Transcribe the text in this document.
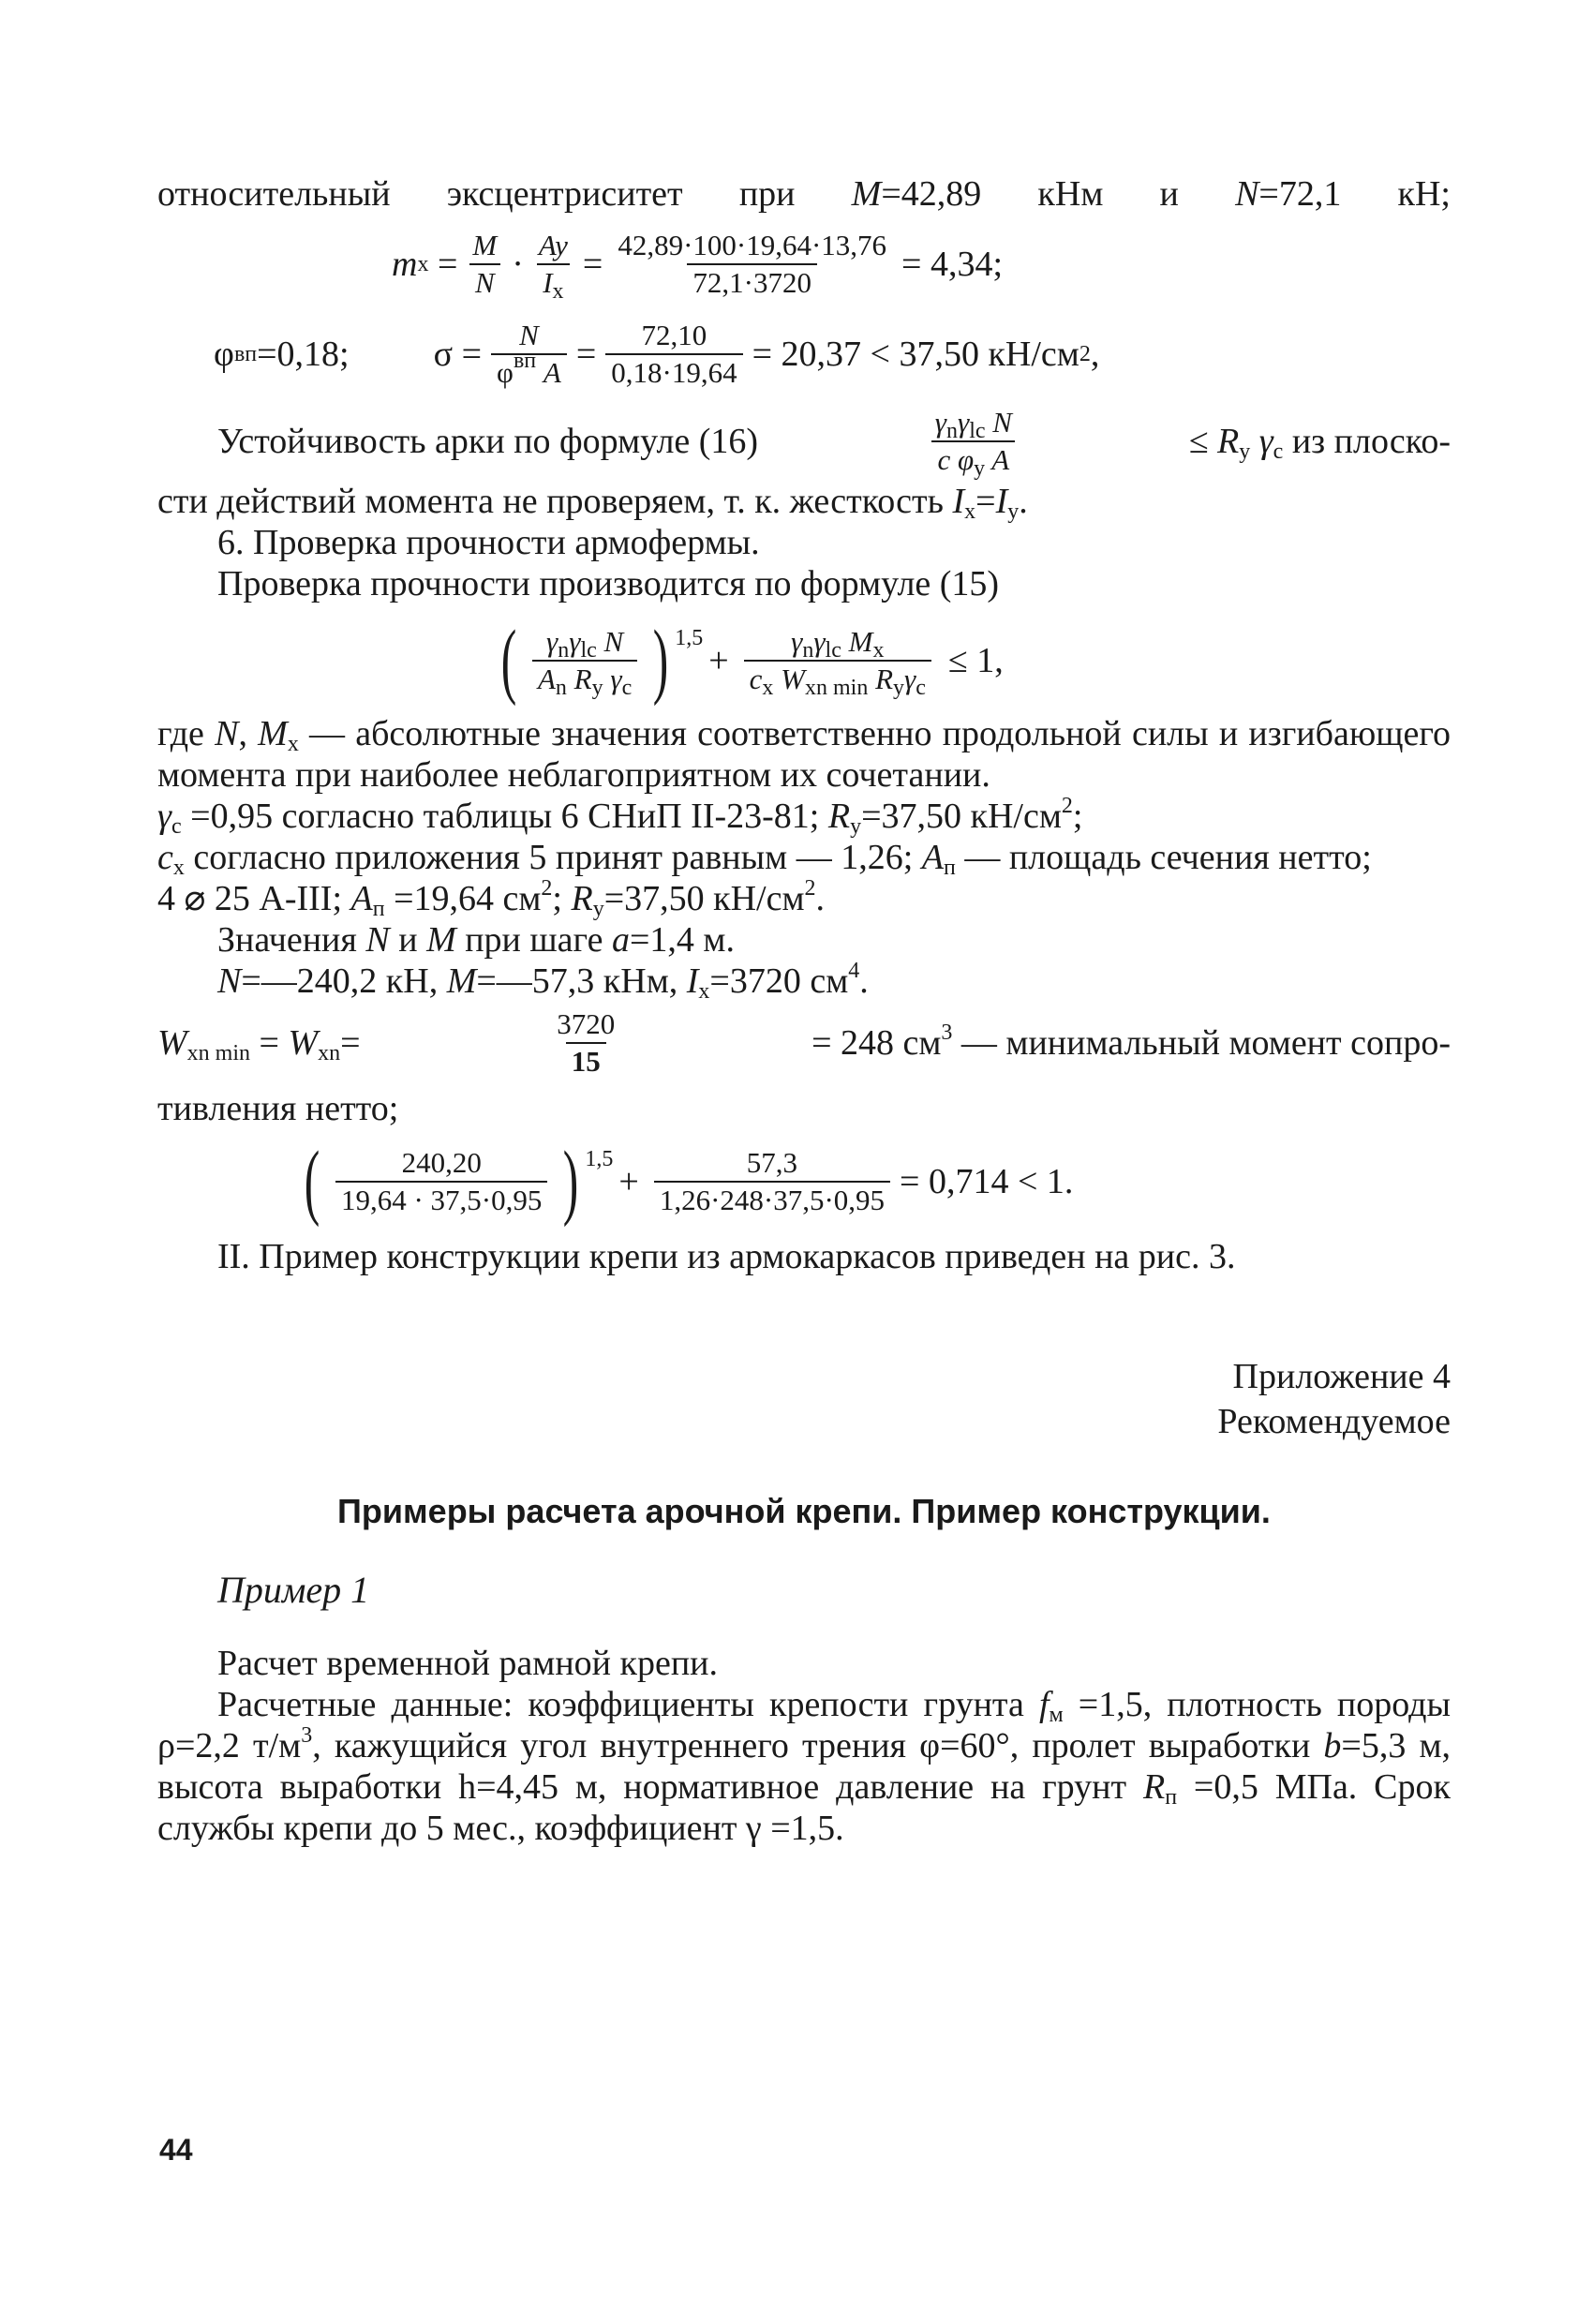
относительный эксцентриситет при M=42,89 кНм и N=72,1 кН;

m $x = \frac{M}{N} \cdot \frac{Ay}{I_x} = \frac{42,89\cdot 100\cdot 19,64\cdot 13,76}{72,1\cdot 3720} = 4,34$;
φ вп =0,18; $\sigma = \frac{N}{\varphi^{вп} A} = \frac{72,10}{0,18\cdot 19,64} = 20,37 < 37,50$ кН/см 2 ,
Устойчивость арки по формуле (16)	$\frac{\gamma_n\gamma_{lc} N}{c \varphi_y A}$	≤ $R_y$ $\gamma_c$ из плоско-

сти действий момента не проверяем, т. к. жесткость $I_x=I_y$.

6. Проверка прочности армофермы.

Проверка прочности производится по формуле (15)

( $\frac{\gamma_n\gamma_{lc} N}{A_n R_y \gamma_c}$ ) 1,5
+ $\frac{\gamma_n\gamma_{lc} M_x}{c_x W_{xn min} R_y\gamma_c} \le 1$,

где N, $M_x$ — абсолютные значения соответственно продольной силы и изгибающего момента при наиболее неблагоприятном их сочетании.

$\gamma_c =0,95$ согласно таблицы 6 СНиП II-23-81; $R_y=37,50$ $кН/см^2$;

$c_x$ согласно приложения 5 принят равным — 1,26; $A_п$ — площадь сечения нетто;

4 ⌀ 25 А-III; $A_п =19,64$ $см^2$; $R_y=37,50$ $кН/см^2$.

Значения N и M при шаге a=1,4 м.

N=—240,2 кН, M=—57,3 кНм, $I_x=3720$ $см^4$.

$W_{xn min} = W_{xn}=$	$\frac{3720}{15}$	= 248 $см^3$ — минимальный момент сопро-

тивления нетто;

( $\frac{240,20}{19,64 \cdot 37,5\cdot 0,95}$ ) 1,5
+ $\frac{57,3}{1,26\cdot 248\cdot 37,5\cdot 0,95} = 0,714 < 1$.

II. Пример конструкции крепи из армокаркасов приведен на рис. 3.

Приложение 4

Рекомендуемое

Примеры расчета арочной крепи. Пример конструкции.

Пример 1

Расчет временной рамной крепи.

Расчетные данные: коэффициенты крепости грунта $f_м =1,5$, плотность породы ρ=2,2 $т/м^3$, кажущийся угол внутреннего трения φ=60°, пролет выработки b=5,3 м, высота выработки h=4,45 м, нормативное давление на грунт $R_п =0,5$ МПа. Срок службы крепи до 5 мес., коэффициент γ =1,5.

44
